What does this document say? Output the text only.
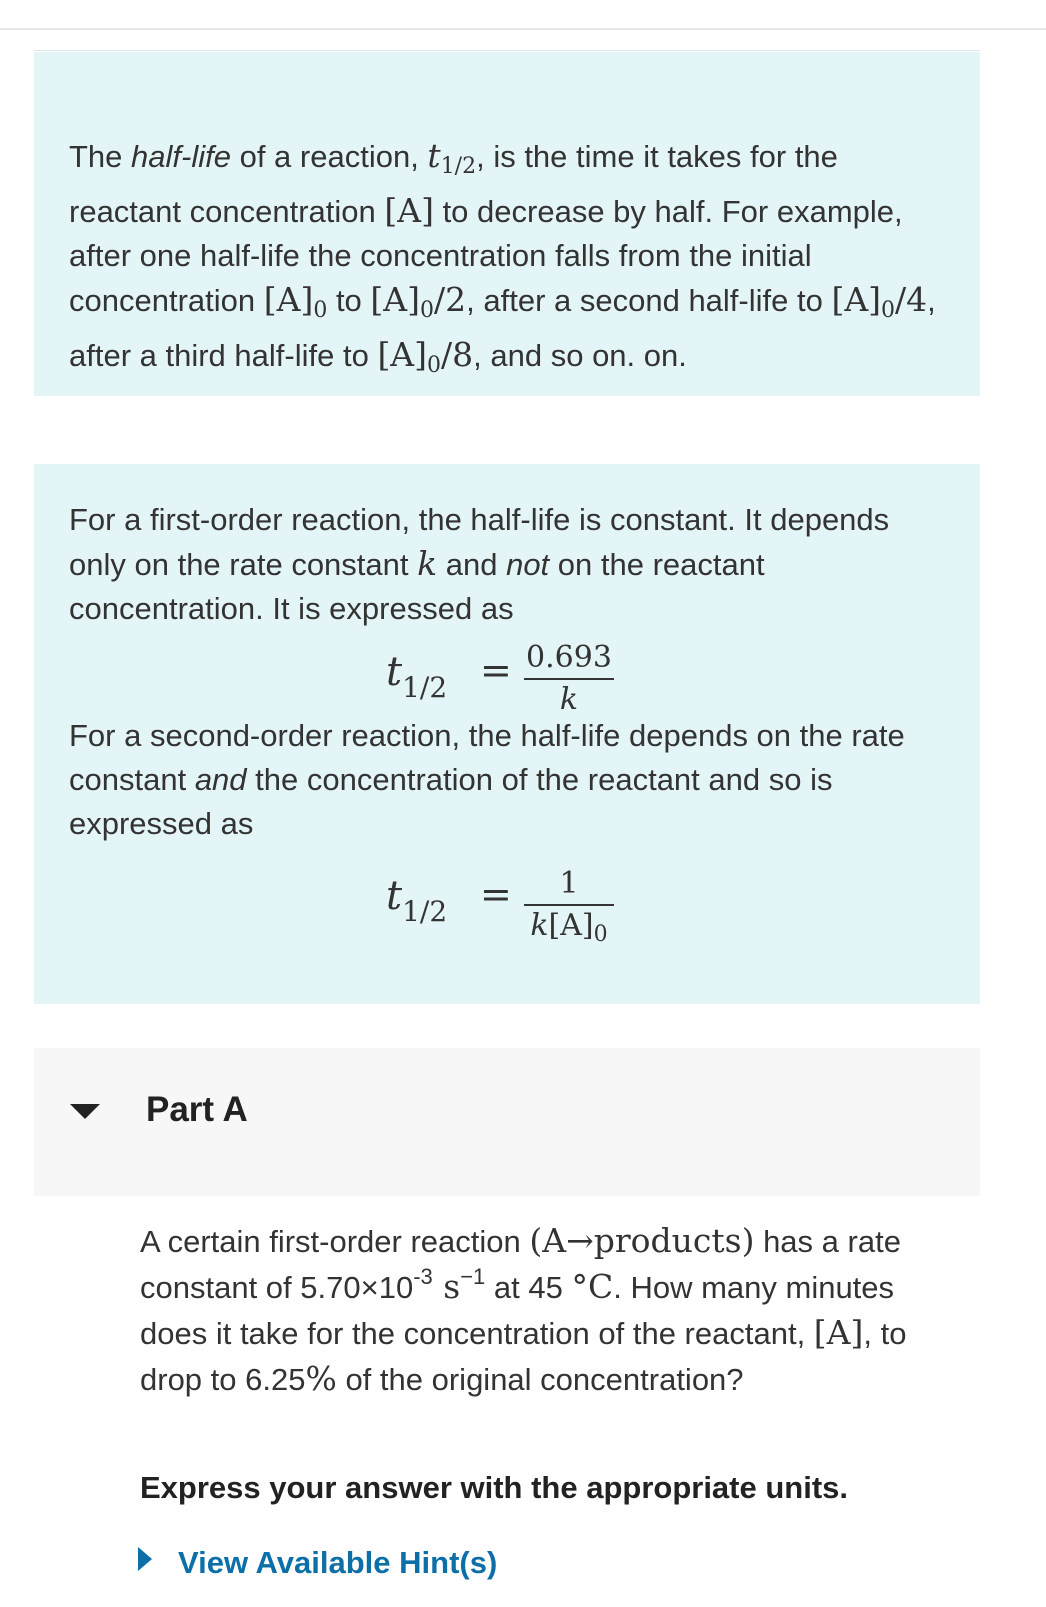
The half-life of a reaction, $t_{1/2}$, is the time it takes for the reactant concentration [A] to decrease by half. For example, after one half-life the concentration falls from the initial concentration $[A]_0$ to $[A]_0/2$, after a second half-life to $[A]_0/4$, after a third half-life to $[A]_0/8$, and so on. on.
For a first-order reaction, the half-life is constant. It depends only on the rate constant k and not on the reactant concentration. It is expressed as
$t_{1/2} = 0.693$
k
For a second-order reaction, the half-life depends on the rate constant and the concentration of the reactant and so is expressed as
$t_{1/2}$ =	1
$k[A]_0$
Part A
A certain first-order reaction (A→products) has a rate constant of $5.70\times 10^{-3}$ $s^{-1}$ at 45 °C. How many minutes does it take for the concentration of the reactant, [A], to drop to 6.25% of the original concentration?
Express your answer with the appropriate units.
View Available Hint(s)
